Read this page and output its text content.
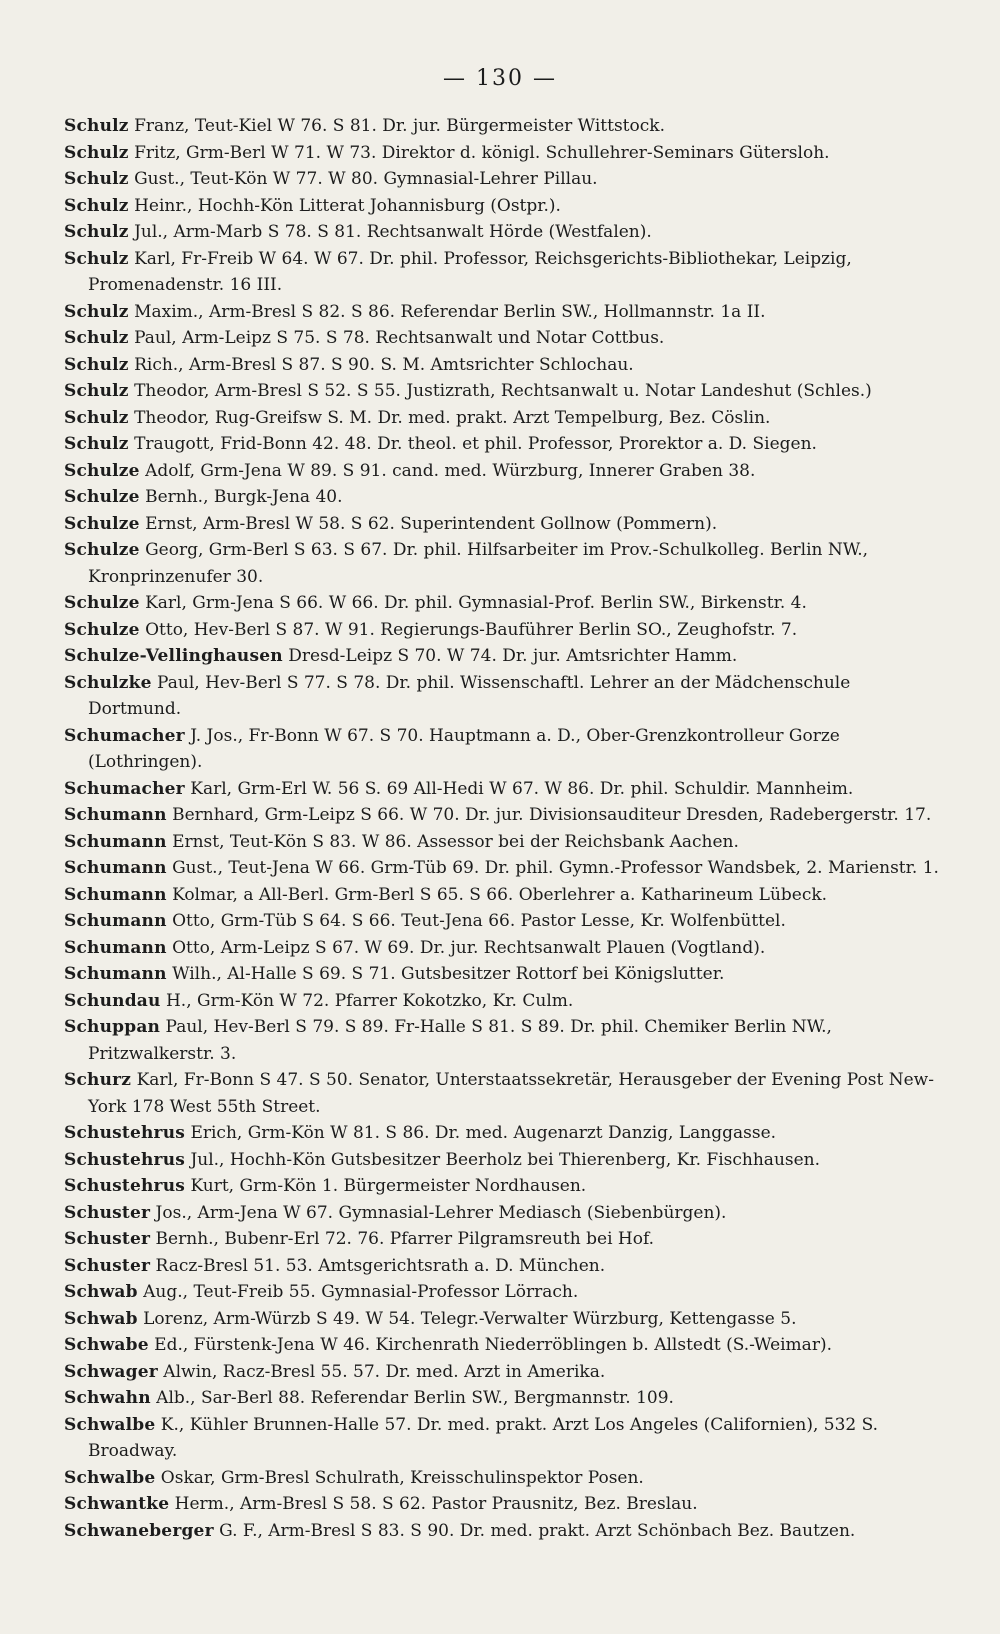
— 130 —

Schulz Franz, Teut-Kiel W 76. S 81. Dr. jur. Bürgermeister Wittstock.

Schulz Fritz, Grm-Berl W 71. W 73. Direktor d. königl. Schullehrer-Seminars Gütersloh.

Schulz Gust., Teut-Kön W 77. W 80. Gymnasial-Lehrer Pillau.

Schulz Heinr., Hochh-Kön Litterat Johannisburg (Ostpr.).

Schulz Jul., Arm-Marb S 78. S 81. Rechtsanwalt Hörde (Westfalen).

Schulz Karl, Fr-Freib W 64. W 67. Dr. phil. Professor, Reichsgerichts-Bibliothekar, Leipzig, Promenadenstr. 16 III.

Schulz Maxim., Arm-Bresl S 82. S 86. Referendar Berlin SW., Hollmannstr. 1a II.

Schulz Paul, Arm-Leipz S 75. S 78. Rechtsanwalt und Notar Cottbus.

Schulz Rich., Arm-Bresl S 87. S 90. S. M. Amtsrichter Schlochau.

Schulz Theodor, Arm-Bresl S 52. S 55. Justizrath, Rechtsanwalt u. Notar Landeshut (Schles.)

Schulz Theodor, Rug-Greifsw S. M. Dr. med. prakt. Arzt Tempelburg, Bez. Cöslin.

Schulz Traugott, Frid-Bonn 42. 48. Dr. theol. et phil. Professor, Prorektor a. D. Siegen.

Schulze Adolf, Grm-Jena W 89. S 91. cand. med. Würzburg, Innerer Graben 38.

Schulze Bernh., Burgk-Jena 40.

Schulze Ernst, Arm-Bresl W 58. S 62. Superintendent Gollnow (Pommern).

Schulze Georg, Grm-Berl S 63. S 67. Dr. phil. Hilfsarbeiter im Prov.-Schulkolleg. Berlin NW., Kronprinzenufer 30.

Schulze Karl, Grm-Jena S 66. W 66. Dr. phil. Gymnasial-Prof. Berlin SW., Birkenstr. 4.

Schulze Otto, Hev-Berl S 87. W 91. Regierungs-Bauführer Berlin SO., Zeughofstr. 7.

Schulze-Vellinghausen Dresd-Leipz S 70. W 74. Dr. jur. Amtsrichter Hamm.

Schulzke Paul, Hev-Berl S 77. S 78. Dr. phil. Wissenschaftl. Lehrer an der Mädchenschule Dortmund.

Schumacher J. Jos., Fr-Bonn W 67. S 70. Hauptmann a. D., Ober-Grenzkontrolleur Gorze (Lothringen).

Schumacher Karl, Grm-Erl W. 56 S. 69 All-Hedi W 67. W 86. Dr. phil. Schuldir. Mannheim.

Schumann Bernhard, Grm-Leipz S 66. W 70. Dr. jur. Divisionsauditeur Dresden, Radebergerstr. 17.

Schumann Ernst, Teut-Kön S 83. W 86. Assessor bei der Reichsbank Aachen.

Schumann Gust., Teut-Jena W 66. Grm-Tüb 69. Dr. phil. Gymn.-Professor Wandsbek, 2. Marienstr. 1.

Schumann Kolmar, a All-Berl. Grm-Berl S 65. S 66. Oberlehrer a. Katharineum Lübeck.

Schumann Otto, Grm-Tüb S 64. S 66. Teut-Jena 66. Pastor Lesse, Kr. Wolfenbüttel.

Schumann Otto, Arm-Leipz S 67. W 69. Dr. jur. Rechtsanwalt Plauen (Vogtland).

Schumann Wilh., Al-Halle S 69. S 71. Gutsbesitzer Rottorf bei Königslutter.

Schundau H., Grm-Kön W 72. Pfarrer Kokotzko, Kr. Culm.

Schuppan Paul, Hev-Berl S 79. S 89. Fr-Halle S 81. S 89. Dr. phil. Chemiker Berlin NW., Pritzwalkerstr. 3.

Schurz Karl, Fr-Bonn S 47. S 50. Senator, Unterstaatssekretär, Herausgeber der Evening Post New-York 178 West 55th Street.

Schustehrus Erich, Grm-Kön W 81. S 86. Dr. med. Augenarzt Danzig, Langgasse.

Schustehrus Jul., Hochh-Kön Gutsbesitzer Beerholz bei Thierenberg, Kr. Fischhausen.

Schustehrus Kurt, Grm-Kön 1. Bürgermeister Nordhausen.

Schuster Jos., Arm-Jena W 67. Gymnasial-Lehrer Mediasch (Siebenbürgen).

Schuster Bernh., Bubenr-Erl 72. 76. Pfarrer Pilgramsreuth bei Hof.

Schuster Racz-Bresl 51. 53. Amtsgerichtsrath a. D. München.

Schwab Aug., Teut-Freib 55. Gymnasial-Professor Lörrach.

Schwab Lorenz, Arm-Würzb S 49. W 54. Telegr.-Verwalter Würzburg, Kettengasse 5.

Schwabe Ed., Fürstenk-Jena W 46. Kirchenrath Niederröblingen b. Allstedt (S.-Weimar).

Schwager Alwin, Racz-Bresl 55. 57. Dr. med. Arzt in Amerika.

Schwahn Alb., Sar-Berl 88. Referendar Berlin SW., Bergmannstr. 109.

Schwalbe K., Kühler Brunnen-Halle 57. Dr. med. prakt. Arzt Los Angeles (Californien), 532 S. Broadway.

Schwalbe Oskar, Grm-Bresl Schulrath, Kreisschulinspektor Posen.

Schwantke Herm., Arm-Bresl S 58. S 62. Pastor Prausnitz, Bez. Breslau.

Schwaneberger G. F., Arm-Bresl S 83. S 90. Dr. med. prakt. Arzt Schönbach Bez. Bautzen.
